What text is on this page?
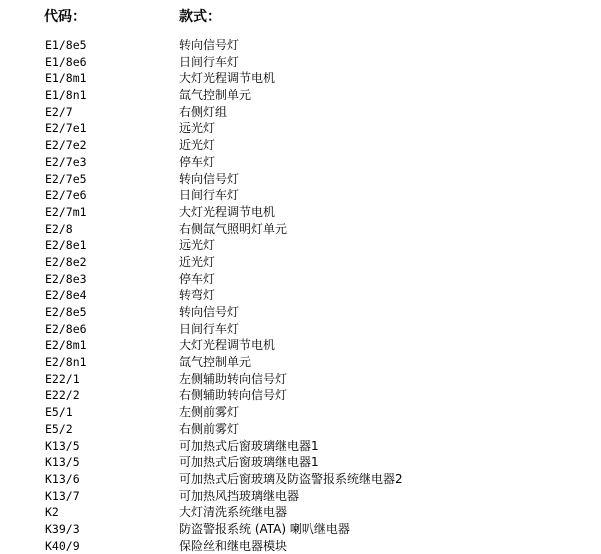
代码：	款式：
E1/8e5	转向信号灯
E1/8e6	日间行车灯
E1/8m1	大灯光程调节电机
E1/8n1	氙气控制单元
E2/7	右侧灯组
E2/7e1	远光灯
E2/7e2	近光灯
E2/7e3	停车灯
E2/7e5	转向信号灯
E2/7e6	日间行车灯
E2/7m1	大灯光程调节电机
E2/8	右侧氙气照明灯单元
E2/8e1	远光灯
E2/8e2	近光灯
E2/8e3	停车灯
E2/8e4	转弯灯
E2/8e5	转向信号灯
E2/8e6	日间行车灯
E2/8m1	大灯光程调节电机
E2/8n1	氙气控制单元
E22/1	左侧辅助转向信号灯
E22/2	右侧辅助转向信号灯
E5/1	左侧前雾灯
E5/2	右侧前雾灯
K13/5	可加热式后窗玻璃继电器1
K13/5	可加热式后窗玻璃继电器1
K13/6	可加热式后窗玻璃及防盗警报系统继电器2
K13/7	可加热风挡玻璃继电器
K2	大灯清洗系统继电器
K39/3	防盗警报系统 (ATA) 喇叭继电器
K40/9	保险丝和继电器模块
